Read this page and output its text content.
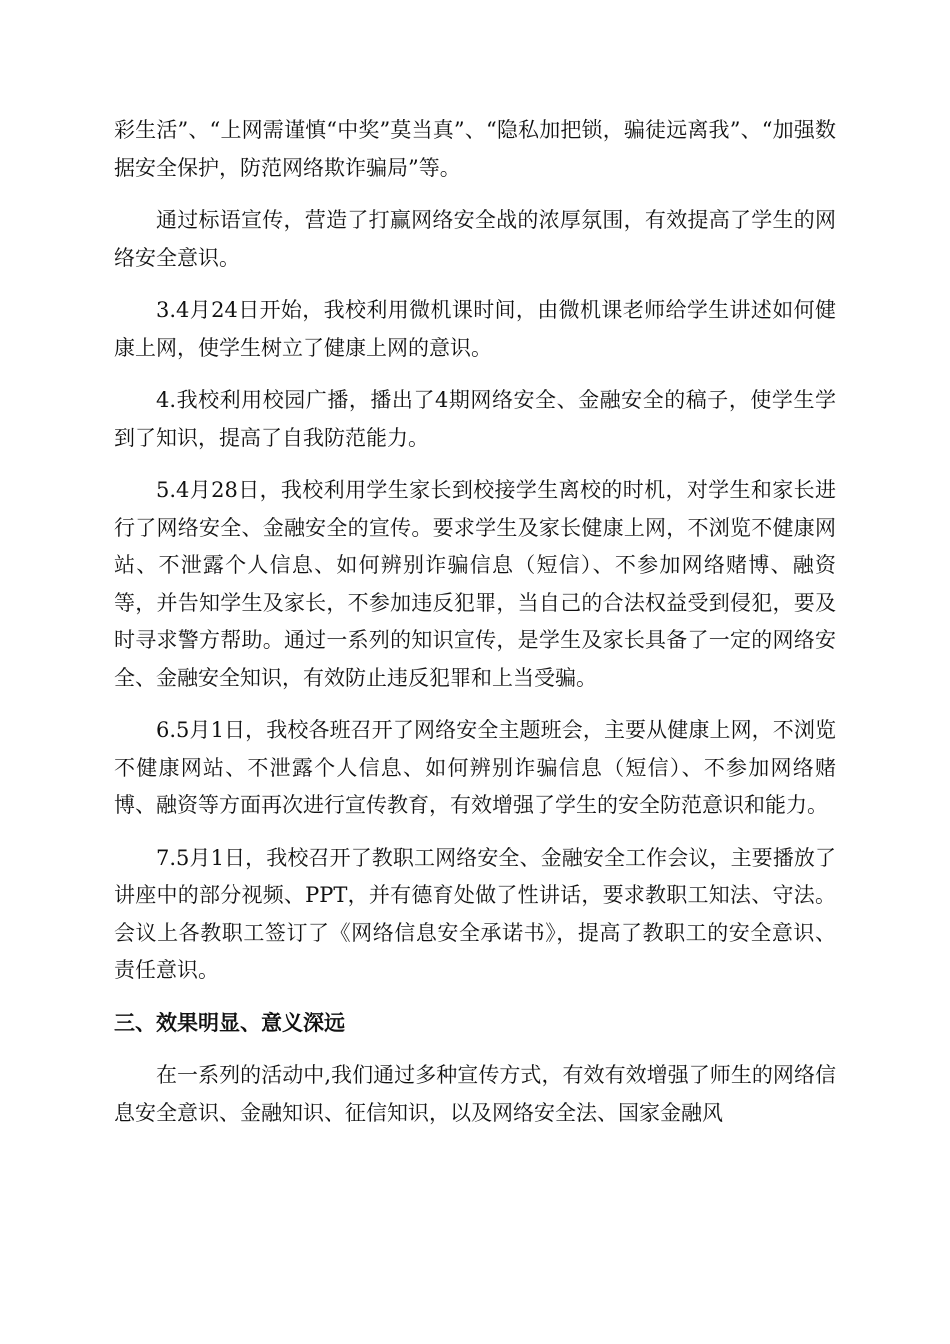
彩生活”、“上网需谨慎“中奖”莫当真”、“隐私加把锁，骗徒远离我”、“加强数据安全保护，防范网络欺诈骗局”等。

通过标语宣传，营造了打赢网络安全战的浓厚氛围，有效提高了学生的网络安全意识。

3.4月24日开始，我校利用微机课时间，由微机课老师给学生讲述如何健康上网，使学生树立了健康上网的意识。

4.我校利用校园广播，播出了4期网络安全、金融安全的稿子，使学生学到了知识，提高了自我防范能力。

5.4月28日，我校利用学生家长到校接学生离校的时机，对学生和家长进行了网络安全、金融安全的宣传。要求学生及家长健康上网，不浏览不健康网站、不泄露个人信息、如何辨别诈骗信息（短信）、不参加网络赌博、融资等，并告知学生及家长，不参加违反犯罪，当自己的合法权益受到侵犯，要及时寻求警方帮助。通过一系列的知识宣传，是学生及家长具备了一定的网络安全、金融安全知识，有效防止违反犯罪和上当受骗。

6.5月1日，我校各班召开了网络安全主题班会，主要从健康上网，不浏览不健康网站、不泄露个人信息、如何辨别诈骗信息（短信）、不参加网络赌博、融资等方面再次进行宣传教育，有效增强了学生的安全防范意识和能力。

7.5月1日，我校召开了教职工网络安全、金融安全工作会议，主要播放了讲座中的部分视频、PPT，并有德育处做了性讲话，要求教职工知法、守法。会议上各教职工签订了《网络信息安全承诺书》，提高了教职工的安全意识、责任意识。

三、效果明显、意义深远

在一系列的活动中,我们通过多种宣传方式，有效有效增强了师生的网络信息安全意识、金融知识、征信知识，以及网络安全法、国家金融风
